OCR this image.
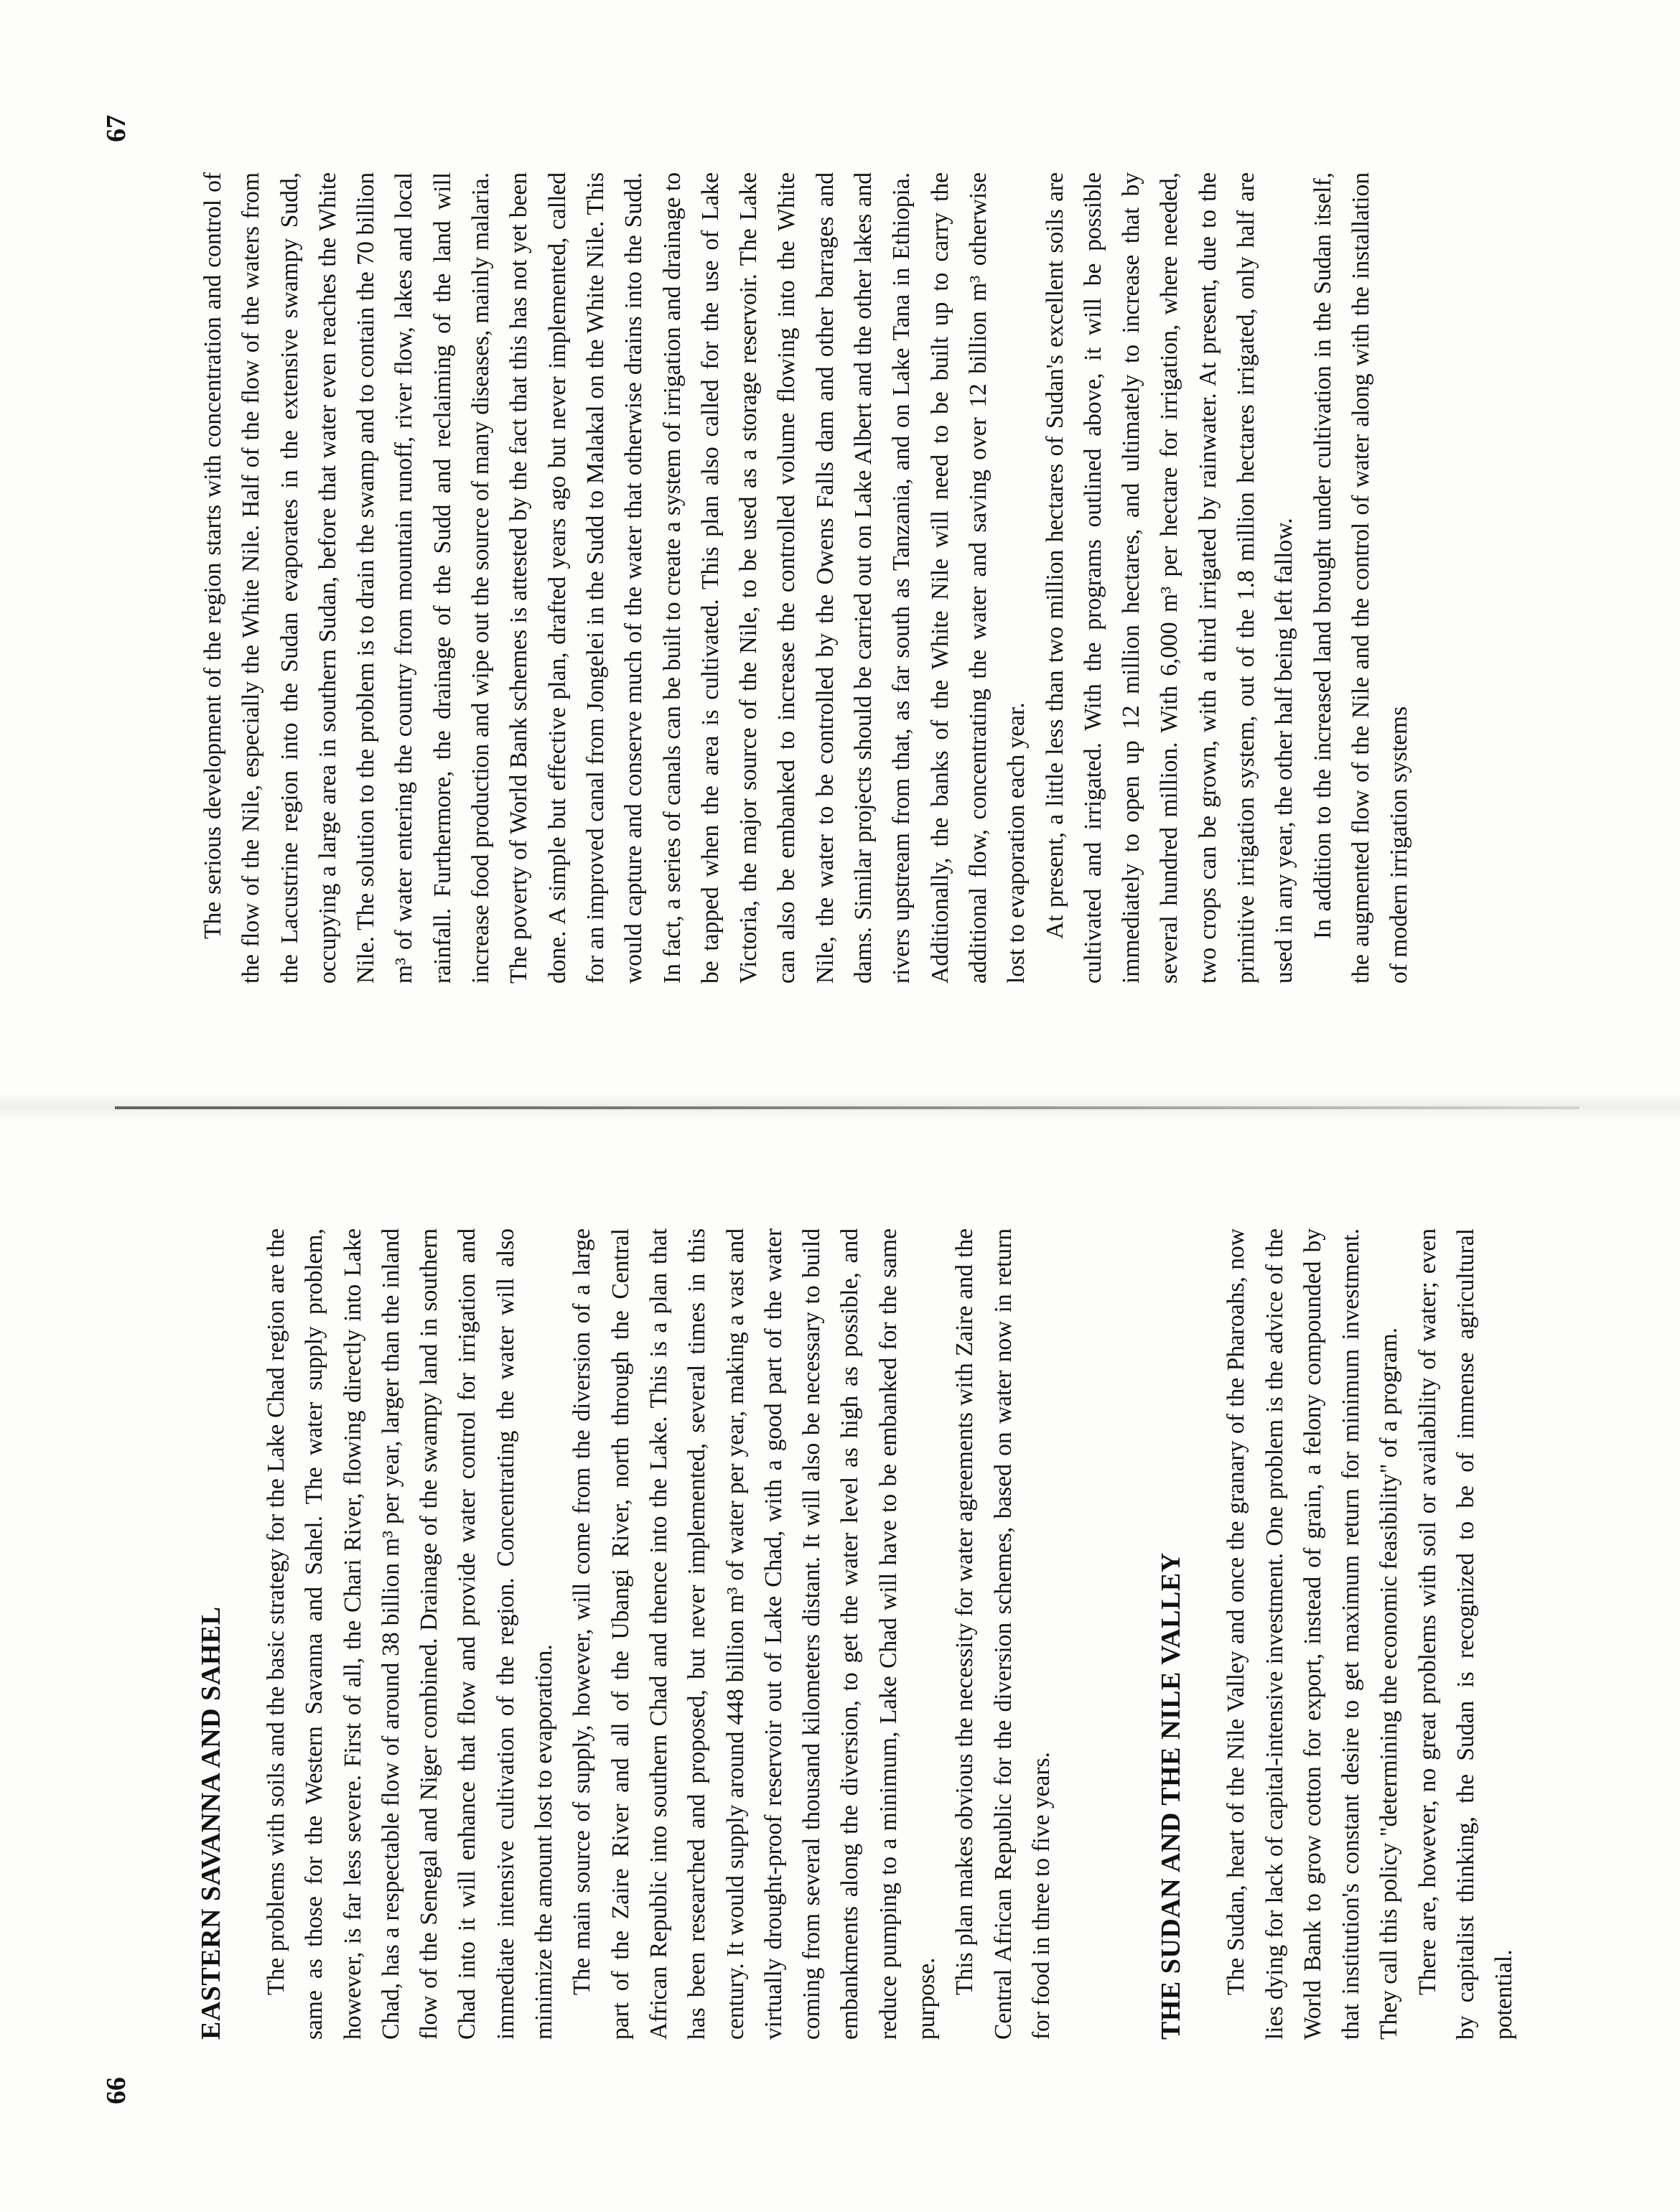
66
EASTERN SAVANNA AND SAHEL The problems with soils and the basic strategy for the Lake Chad region are the same as those for the Western Savanna and Sahel. The water supply problem, however, is far less severe. First of all, the Chari River, flowing directly into Lake Chad, has a respectable flow of around 38 billion m³ per year, larger than the inland flow of the Senegal and Niger combined. Drainage of the swampy land in southern Chad into it will enhance that flow and provide water control for irrigation and immediate intensive cultivation of the region. Concentrating the water will also minimize the amount lost to evaporation. The main source of supply, however, will come from the diversion of a large part of the Zaire River and all of the Ubangi River, north through the Central African Republic into southern Chad and thence into the Lake. This is a plan that has been researched and proposed, but never implemented, several times in this century. It would supply around 448 billion m³ of water per year, making a vast and virtually drought-proof reservoir out of Lake Chad, with a good part of the water coming from several thousand kilometers distant. It will also be necessary to build embankments along the diversion, to get the water level as high as possible, and reduce pumping to a minimum, Lake Chad will have to be embanked for the same purpose.

This plan makes obvious the necessity for water agreements with Zaire and the Central African Republic for the diversion schemes, based on water now in return for food in three to five years.	THE SUDAN AND THE NILE VALLEY The Sudan, heart of the Nile Valley and once the granary of the Pharoahs, now lies dying for lack of capital-intensive investment. One problem is the advice of the World Bank to grow cotton for export, instead of grain, a felony compounded by that institution's constant desire to get maximum return for minimum investment. They call this policy "determining the economic feasibility" of a program. There are, however, no great problems with soil or availability of water; even by capitalist thinking, the Sudan is recognized to be of immense agricultural potential.

67

The serious development of the region starts with concentration and control of the flow of the Nile, especially the White Nile. Half of the flow of the waters from the Lacustrine region into the Sudan evaporates in the extensive swampy Sudd, occupying a large area in southern Sudan, before that water even reaches the White Nile. The solution to the problem is to drain the swamp and to contain the 70 billion m³ of water entering the country from mountain runoff, river flow, lakes and local rainfall. Furthermore, the drainage of the Sudd and reclaiming of the land will increase food production and wipe out the source of many diseases, mainly malaria. The poverty of World Bank schemes is attested by the fact that this has not yet been done. A simple but effective plan, drafted years ago but never implemented, called for an improved canal from Jongelei in the Sudd to Malakal on the White Nile. This would capture and conserve much of the water that otherwise drains into the Sudd. In fact, a series of canals can be built to create a system of irrigation and drainage to be tapped when the area is cultivated. This plan also called for the use of Lake Victoria, the major source of the Nile, to be used as a storage reservoir. The Lake can also be embanked to increase the controlled volume flowing into the White Nile, the water to be controlled by the Owens Falls dam and other barrages and dams. Similar projects should be carried out on Lake Albert and the other lakes and rivers upstream from that, as far south as Tanzania, and on Lake Tana in Ethiopia. Additionally, the banks of the White Nile will need to be built up to carry the additional flow, concentrating the water and saving over 12 billion m³ otherwise lost to evaporation each year. At present, a little less than two million hectares of Sudan's excellent soils are cultivated and irrigated. With the programs outlined above, it will be possible immediately to open up 12 million hectares, and ultimately to increase that by several hundred million. With 6,000 m³ per hectare for irrigation, where needed, two crops can be grown, with a third irrigated by rainwater. At present, due to the primitive irrigation system, out of the 1.8 million hectares irrigated, only half are used in any year, the other half being left fallow. In addition to the increased land brought under cultivation in the Sudan itself, the augmented flow of the Nile and the control of water along with the installation of modern irrigation systems
